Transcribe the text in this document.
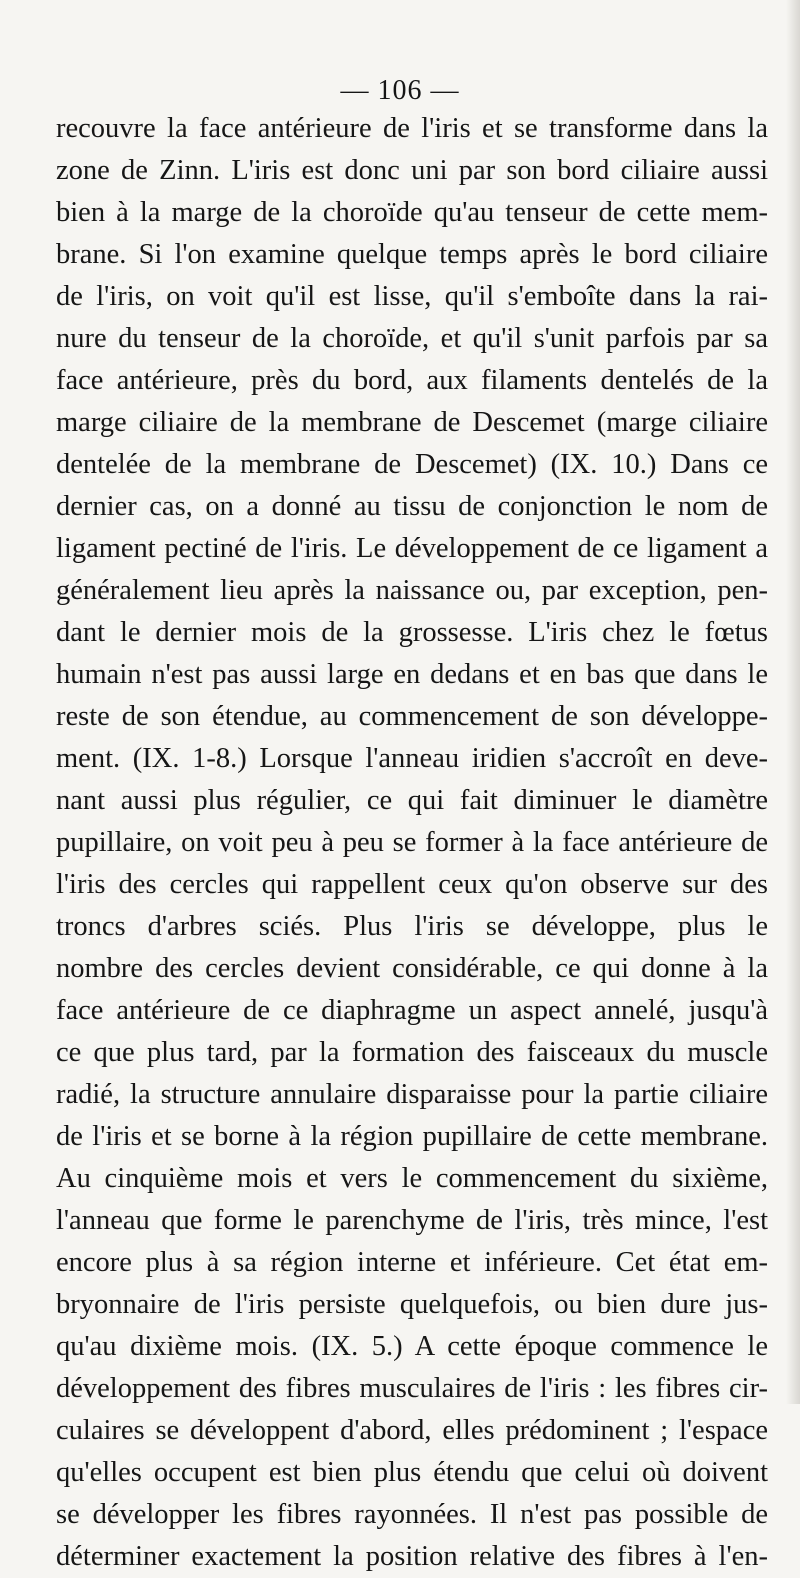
— 106 —
recouvre la face antérieure de l'iris et se transforme dans la
zone de Zinn. L'iris est donc uni par son bord ciliaire aussi
bien à la marge de la choroïde qu'au tenseur de cette mem-
brane. Si l'on examine quelque temps après le bord ciliaire
de l'iris, on voit qu'il est lisse, qu'il s'emboîte dans la rai-
nure du tenseur de la choroïde, et qu'il s'unit parfois par sa
face antérieure, près du bord, aux filaments dentelés de la
marge ciliaire de la membrane de Descemet (marge ciliaire
dentelée de la membrane de Descemet) (IX. 10.) Dans ce
dernier cas, on a donné au tissu de conjonction le nom de
ligament pectiné de l'iris. Le développement de ce ligament a
généralement lieu après la naissance ou, par exception, pen-
dant le dernier mois de la grossesse. L'iris chez le fœtus
humain n'est pas aussi large en dedans et en bas que dans le
reste de son étendue, au commencement de son développe-
ment. (IX. 1-8.) Lorsque l'anneau iridien s'accroît en deve-
nant aussi plus régulier, ce qui fait diminuer le diamètre
pupillaire, on voit peu à peu se former à la face antérieure de
l'iris des cercles qui rappellent ceux qu'on observe sur des
troncs d'arbres sciés. Plus l'iris se développe, plus le
nombre des cercles devient considérable, ce qui donne à la
face antérieure de ce diaphragme un aspect annelé, jusqu'à
ce que plus tard, par la formation des faisceaux du muscle
radié, la structure annulaire disparaisse pour la partie ciliaire
de l'iris et se borne à la région pupillaire de cette membrane.
Au cinquième mois et vers le commencement du sixième,
l'anneau que forme le parenchyme de l'iris, très mince, l'est
encore plus à sa région interne et inférieure. Cet état em-
bryonnaire de l'iris persiste quelquefois, ou bien dure jus-
qu'au dixième mois. (IX. 5.) A cette époque commence le
développement des fibres musculaires de l'iris : les fibres cir-
culaires se développent d'abord, elles prédominent ; l'espace
qu'elles occupent est bien plus étendu que celui où doivent
se développer les fibres rayonnées. Il n'est pas possible de
déterminer exactement la position relative des fibres à l'en-
